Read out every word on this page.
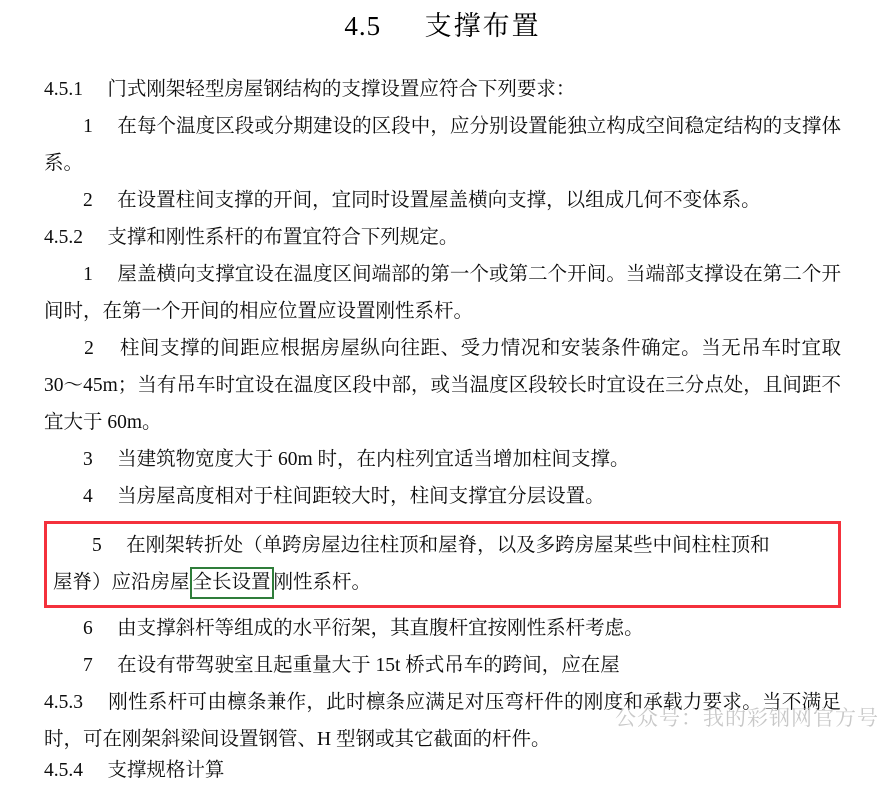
4.5 支撑布置

4.5.1　 门式刚架轻型房屋钢结构的支撑设置应符合下列要求：

　　1　 在每个温度区段或分期建设的区段中，应分别设置能独立构成空间稳定结构的支撑体系。

　　2　 在设置柱间支撑的开间，宜同时设置屋盖横向支撑，以组成几何不变体系。

4.5.2　 支撑和刚性系杆的布置宜符合下列规定。

　　1　 屋盖横向支撑宜设在温度区间端部的第一个或第二个开间。当端部支撑设在第二个开间时，在第一个开间的相应位置应设置刚性系杆。

　　2　 柱间支撑的间距应根据房屋纵向往距、受力情况和安装条件确定。当无吊车时宜取 30～45m；当有吊车时宜设在温度区段中部，或当温度区段较长时宜设在三分点处，且间距不宜大于 60m。

　　3　 当建筑物宽度大于 60m 时，在内柱列宜适当增加柱间支撑。

　　4　 当房屋高度相对于柱间距较大时，柱间支撑宜分层设置。

　　5　 在刚架转折处（单跨房屋边往柱顶和屋脊，以及多跨房屋某些中间柱柱顶和

屋脊）应沿房屋 全长设置 刚性系杆。

　　6　 由支撑斜杆等组成的水平衍架，其直腹杆宜按刚性系杆考虑。

　　7　 在设有带驾驶室且起重量大于 15t 桥式吊车的跨间，应在屋

4.5.3　 刚性系杆可由檩条兼作，此时檩条应满足对压弯杆件的刚度和承载力要求。当不满足时，可在刚架斜梁间设置钢管、H 型钢或其它截面的杆件。

4.5.4　 支撑规格计算
公众号：我的彩钢网官方号
